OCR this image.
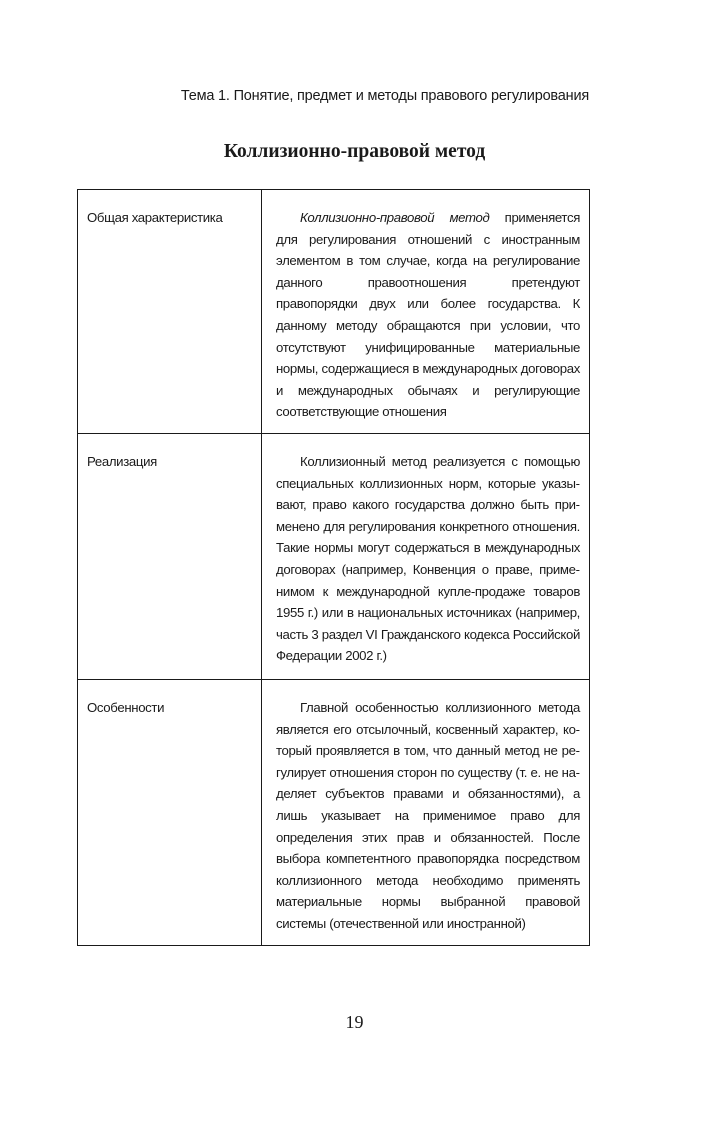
Тема 1. Понятие, предмет и методы правового регулирования
Коллизионно-правовой метод
Общая характеристика	Коллизионно-правовой метод применяется для регулирования отношений с иностранным элементом в том случае, когда на регулирование данного правоотношения претендуют правопорядки двух или более государства. К данному методу обращаются при условии, что отсутствуют унифицированные материальные нормы, содержащиеся в международных договорах и международных обычаях и регулирующие соответствующие отношения
Реализация	Коллизионный метод реализуется с помощью специальных коллизионных норм, которые указывают, право какого государства должно быть применено для регулирования конкретного отношения. Такие нормы могут содержаться в международных договорах (например, Конвенция о праве, применимом к международной купле-продаже товаров 1955 г.) или в национальных источниках (например, часть 3 раздел VI Гражданского кодекса Российской Федерации 2002 г.)
Особенности	Главной особенностью коллизионного метода является его отсылочный, косвенный характер, который проявляется в том, что данный метод не регулирует отношения сторон по существу (т. е. не наделяет субъектов правами и обязанностями), а лишь указывает на применимое право для определения этих прав и обязанностей. После выбора компетентного правопорядка посредством коллизионного метода необходимо применять материальные нормы выбранной правовой системы (отечественной или иностранной)
19
